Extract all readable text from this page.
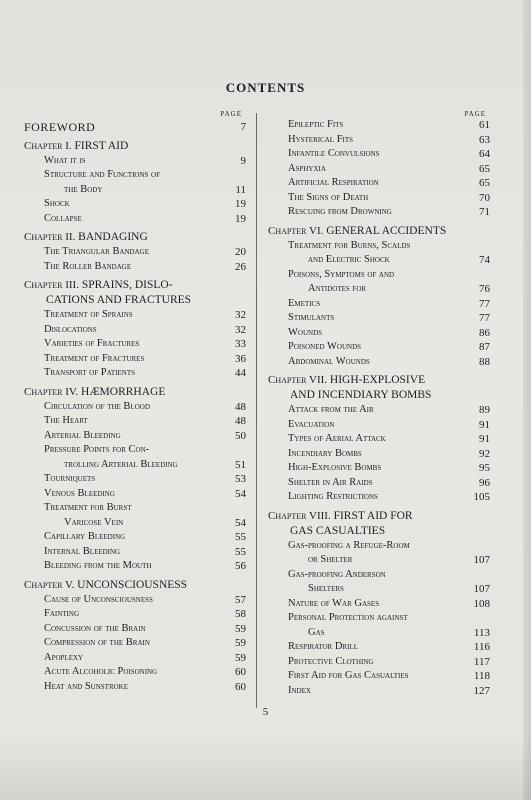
CONTENTS
PAGE
FOREWORD	7
Chapter I. FIRST AID
What it is	9
Structure and Functions of
the Body	11
Shock	19
Collapse	19
Chapter II. BANDAGING
The Triangular Bandage	20
The Roller Bandage	26
Chapter III. SPRAINS, DISLO-
CATIONS AND FRACTURES
Treatment of Sprains	32
Dislocations	32
Varieties of Fractures	33
Treatment of Fractures	36
Transport of Patients	44
Chapter IV. HÆMORRHAGE
Circulation of the Blood	48
The Heart	48
Arterial Bleeding	50
Pressure Points for Con-
trolling Arterial Bleeding	51
Tourniquets	53
Venous Bleeding	54
Treatment for Burst
Varicose Vein	54
Capillary Bleeding	55
Internal Bleeding	55
Bleeding from the Mouth	56
Chapter V. UNCONSCIOUSNESS
Cause of Unconsciousness	57
Fainting	58
Concussion of the Brain	59
Compression of the Brain	59
Apoplexy	59
Acute Alcoholic Poisoning	60
Heat and Sunstroke	60
PAGE
Epileptic Fits	61
Hysterical Fits	63
Infantile Convulsions	64
Asphyxia	65
Artificial Respiration	65
The Signs of Death	70
Rescuing from Drowning	71
Chapter VI. GENERAL ACCIDENTS
Treatment for Burns, Scalds
and Electric Shock	74
Poisons, Symptoms of and
Antidotes for	76
Emetics	77
Stimulants	77
Wounds	86
Poisoned Wounds	87
Abdominal Wounds	88
Chapter VII. HIGH-EXPLOSIVE
AND INCENDIARY BOMBS
Attack from the Air	89
Evacuation	91
Types of Aerial Attack	91
Incendiary Bombs	92
High-Explosive Bombs	95
Shelter in Air Raids	96
Lighting Restrictions	105
Chapter VIII. FIRST AID FOR
GAS CASUALTIES
Gas-proofing a Refuge-Room
or Shelter	107
Gas-proofing Anderson
Shelters	107
Nature of War Gases	108
Personal Protection against
Gas	113
Respirator Drill	116
Protective Clothing	117
First Aid for Gas Casualties	118
Index	127
5
